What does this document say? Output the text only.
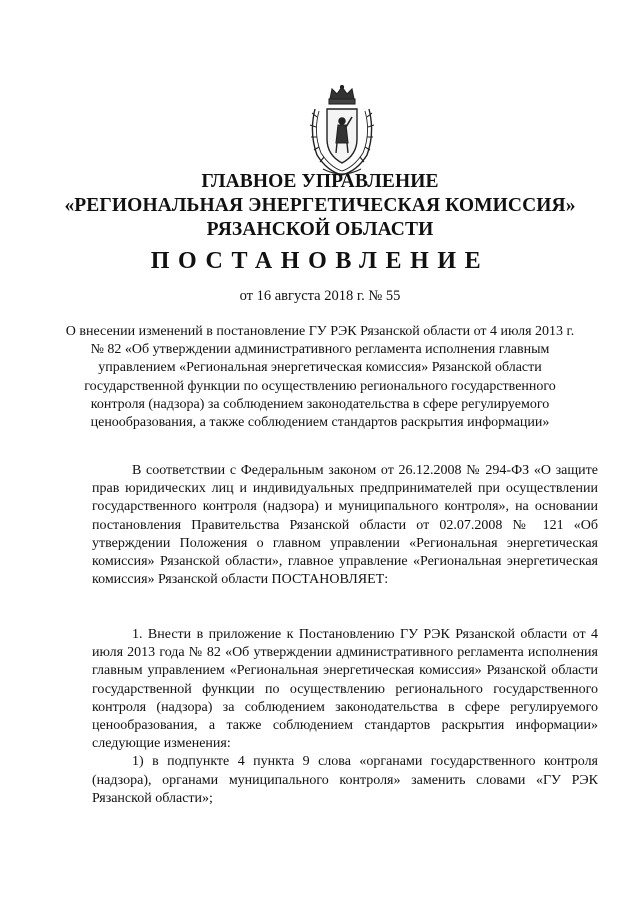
ГЛАВНОЕ УПРАВЛЕНИЕ
«РЕГИОНАЛЬНАЯ ЭНЕРГЕТИЧЕСКАЯ КОМИССИЯ»
РЯЗАНСКОЙ ОБЛАСТИ
ПОСТАНОВЛЕНИЕ
от 16 августа 2018 г. № 55
О внесении изменений в постановление ГУ РЭК Рязанской области от 4 июля 2013 г. № 82 «Об утверждении административного регламента исполнения главным управлением «Региональная энергетическая комиссия» Рязанской области государственной функции по осуществлению регионального государственного контроля (надзора) за соблюдением законодательства в сфере регулируемого ценообразования, а также соблюдением стандартов раскрытия информации»

В соответствии с Федеральным законом от 26.12.2008 № 294-ФЗ «О защите прав юридических лиц и индивидуальных предпринимателей при осуществлении государственного контроля (надзора) и муниципального контроля», на основании постановления Правительства Рязанской области от 02.07.2008 № 121 «Об утверждении Положения о главном управлении «Региональная энергетическая комиссия» Рязанской области», главное управление «Региональная энергетическая комиссия» Рязанской области ПОСТАНОВЛЯЕТ:

1. Внести в приложение к Постановлению ГУ РЭК Рязанской области от 4 июля 2013 года № 82 «Об утверждении административного регламента исполнения главным управлением «Региональная энергетическая комиссия» Рязанской области государственной функции по осуществлению регионального государственного контроля (надзора) за соблюдением законодательства в сфере регулируемого ценообразования, а также соблюдением стандартов раскрытия информации» следующие изменения:

1) в подпункте 4 пункта 9 слова «органами государственного контроля (надзора), органами муниципального контроля» заменить словами «ГУ РЭК Рязанской области»;
